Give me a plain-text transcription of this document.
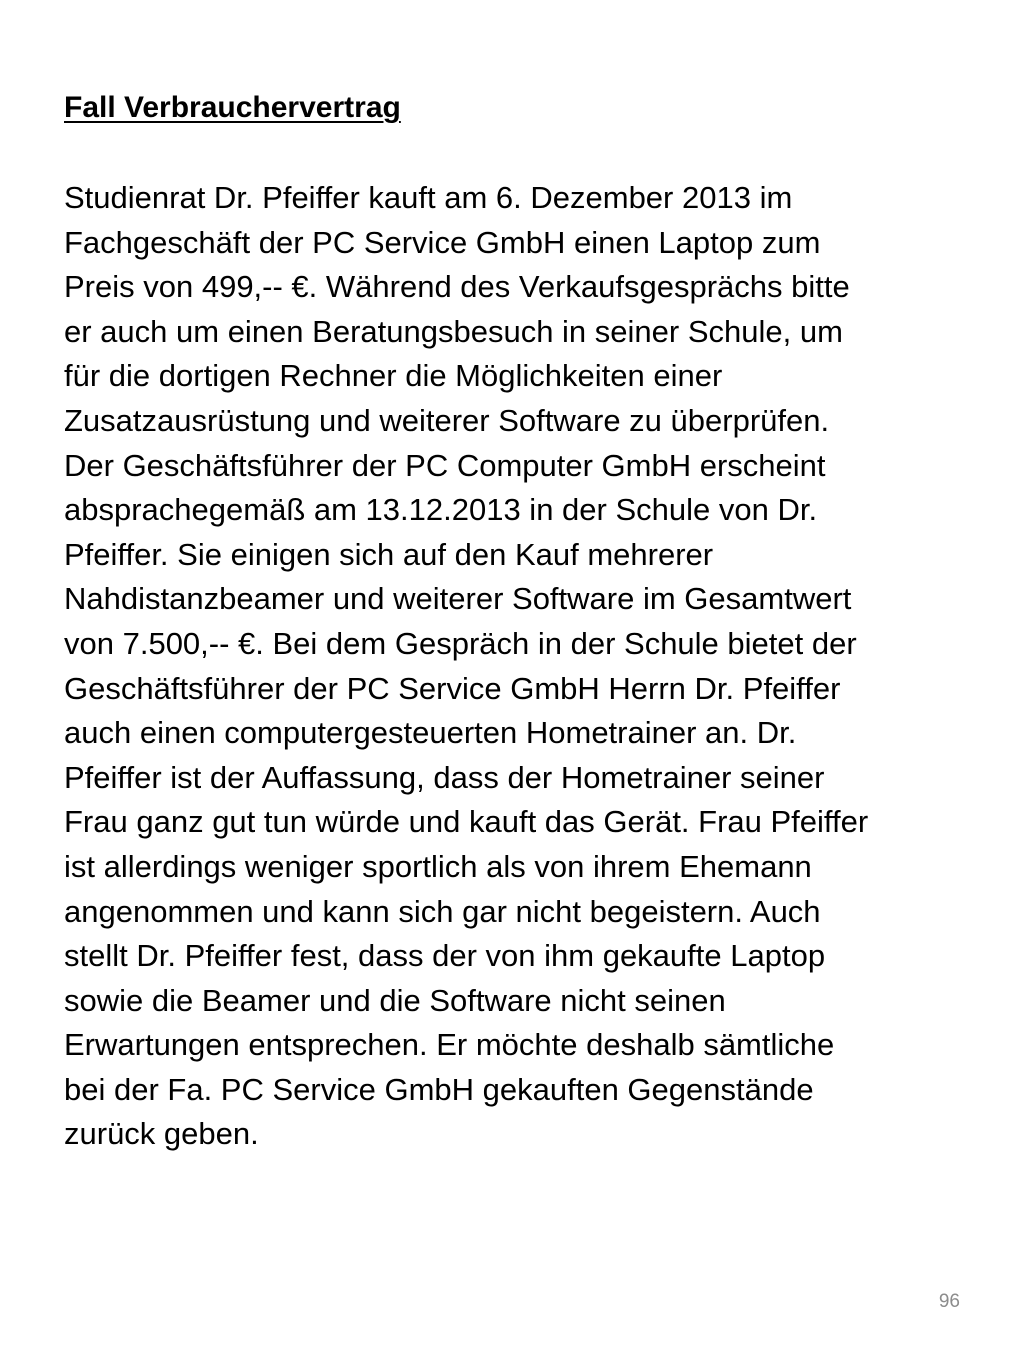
Fall Verbrauchervertrag
Studienrat Dr. Pfeiffer kauft am 6. Dezember 2013 im
Fachgeschäft der PC Service GmbH einen Laptop zum
Preis von 499,-- €. Während des Verkaufsgesprächs bitte
er auch um einen Beratungsbesuch in seiner Schule, um
für die dortigen Rechner die Möglichkeiten einer
Zusatzausrüstung und weiterer Software zu überprüfen.
Der Geschäftsführer der PC Computer GmbH erscheint
absprachegemäß am 13.12.2013 in der Schule von Dr.
Pfeiffer. Sie einigen sich auf den Kauf mehrerer
Nahdistanzbeamer und weiterer Software im Gesamtwert
von 7.500,-- €. Bei dem Gespräch in der Schule bietet der
Geschäftsführer der PC Service GmbH Herrn Dr. Pfeiffer
auch einen computergesteuerten Hometrainer an. Dr.
Pfeiffer ist der Auffassung, dass der Hometrainer seiner
Frau ganz gut tun würde und kauft das Gerät. Frau Pfeiffer
ist allerdings weniger sportlich als von ihrem Ehemann
angenommen und kann sich gar nicht begeistern. Auch
stellt Dr. Pfeiffer fest, dass der von ihm gekaufte Laptop
sowie die Beamer und die Software nicht seinen
Erwartungen entsprechen. Er möchte deshalb sämtliche
bei der Fa. PC Service GmbH gekauften Gegenstände
zurück geben.
96
